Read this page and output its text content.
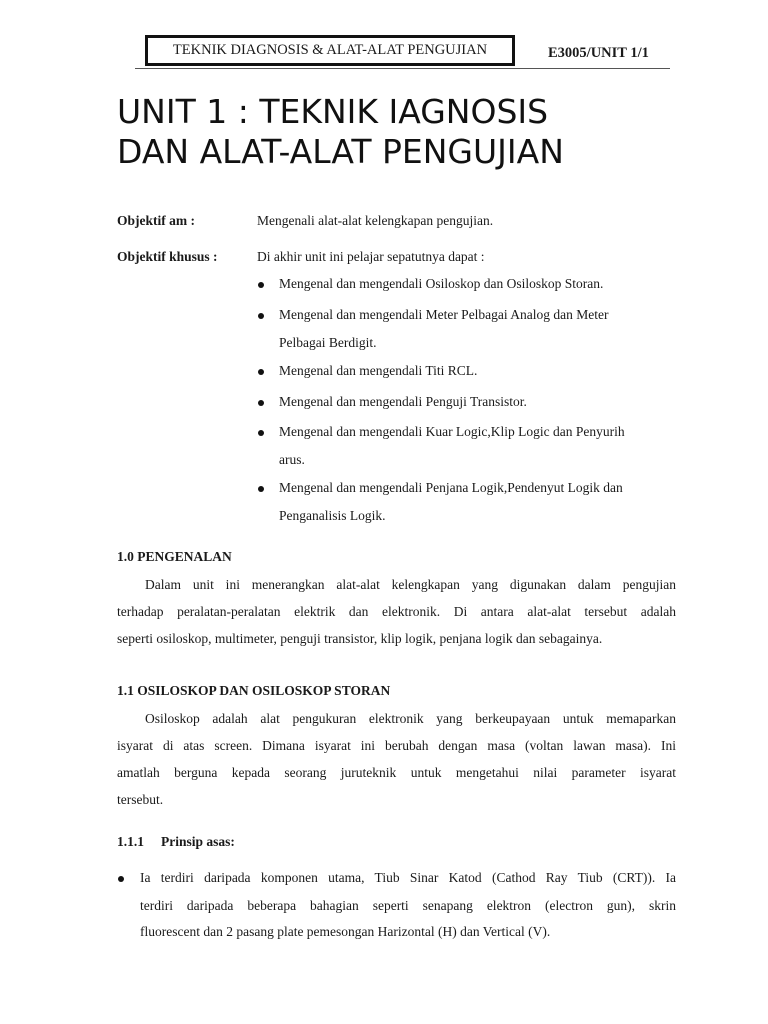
TEKNIK DIAGNOSIS & ALAT-ALAT PENGUJIAN	E3005/UNIT 1/1
UNIT 1 : TEKNIK IAGNOSIS
DAN ALAT-ALAT PENGUJIAN
Objektif am :	Mengenali alat-alat kelengkapan pengujian.
Objektif khusus :	Di akhir unit ini pelajar sepatutnya dapat :
Mengenal dan mengendali Osiloskop dan Osiloskop Storan.
Mengenal dan mengendali Meter Pelbagai Analog dan Meter
Pelbagai Berdigit.
Mengenal dan mengendali Titi RCL.
Mengenal dan mengendali Penguji Transistor.
Mengenal dan mengendali Kuar Logic,Klip Logic dan Penyurih
arus.
Mengenal dan mengendali Penjana Logik,Pendenyut Logik dan
Penganalisis Logik.
1.0 PENGENALAN
Dalam unit ini menerangkan alat-alat kelengkapan yang digunakan dalam pengujian
terhadap peralatan-peralatan elektrik dan elektronik. Di antara alat-alat tersebut adalah
seperti osiloskop, multimeter, penguji transistor, klip logik, penjana logik dan sebagainya.
1.1 OSILOSKOP DAN OSILOSKOP STORAN
Osiloskop adalah alat pengukuran elektronik yang berkeupayaan untuk memaparkan
isyarat di atas screen. Dimana isyarat ini berubah dengan masa (voltan lawan masa). Ini
amatlah berguna kepada seorang juruteknik untuk mengetahui nilai parameter isyarat
tersebut.
1.1.1 Prinsip asas:
Ia terdiri daripada komponen utama, Tiub Sinar Katod (Cathod Ray Tiub (CRT)). Ia
terdiri daripada beberapa bahagian seperti senapang elektron (electron gun), skrin
fluorescent dan 2 pasang plate pemesongan Harizontal (H) dan Vertical (V).
